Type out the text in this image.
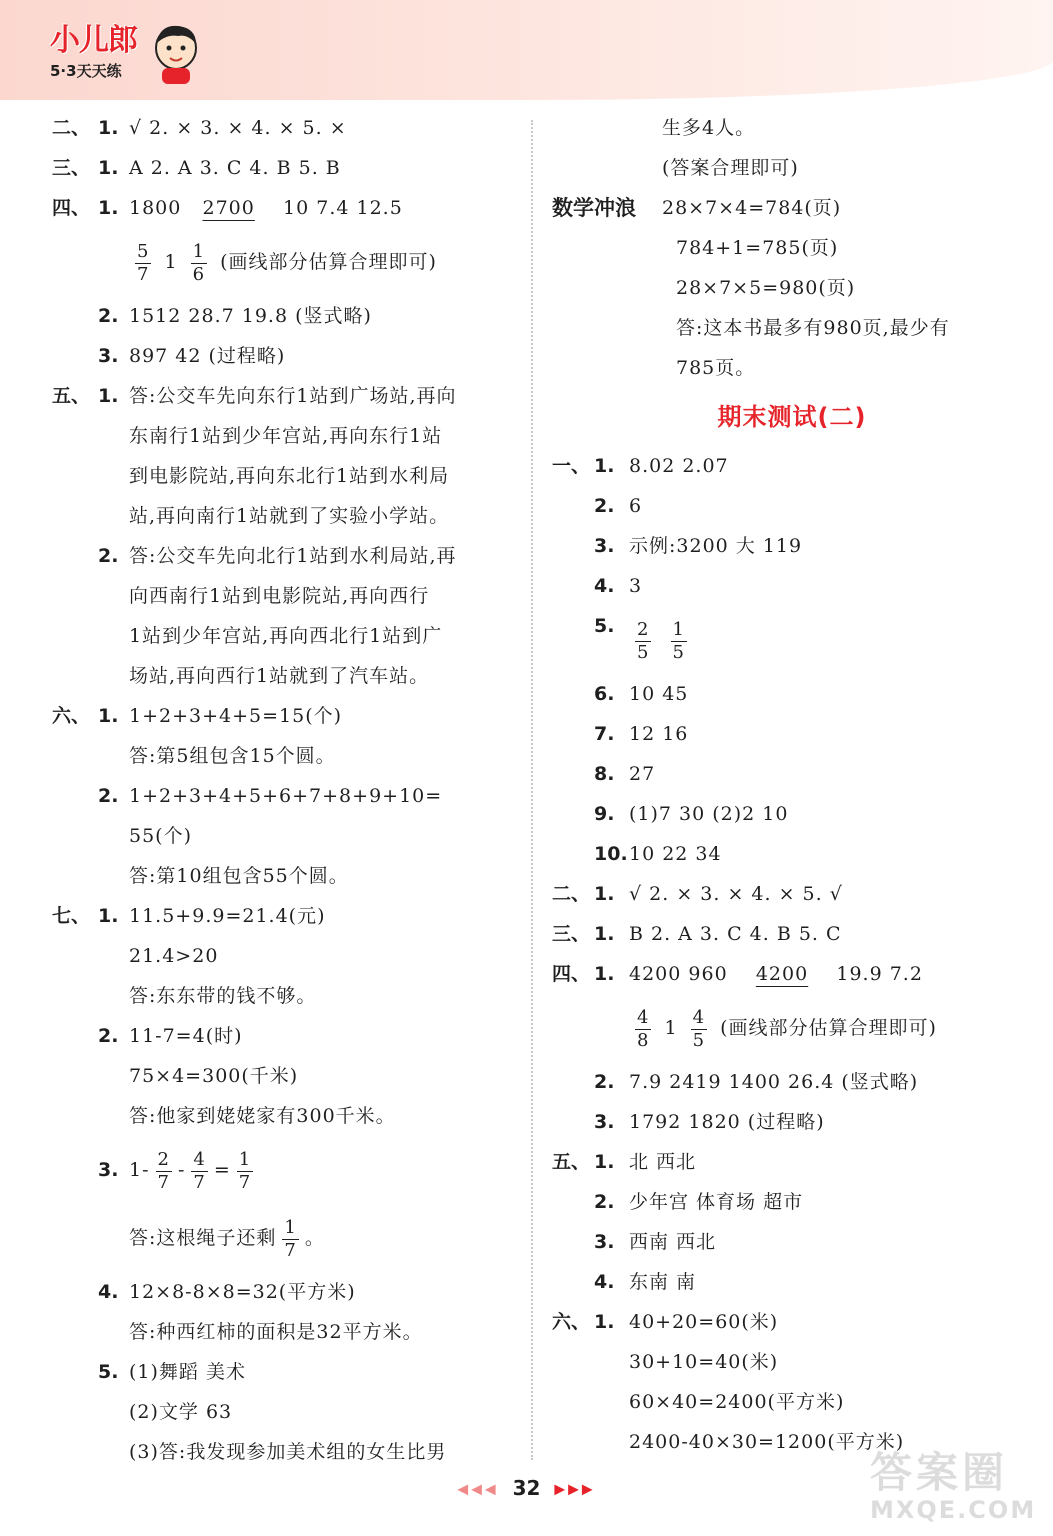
小儿郎
5·3天天练
二、 1. √ 2. × 3. × 4. × 5. ×
三、 1. A 2. A 3. C 4. B 5. B
四、 1. 1800 2700 10 7.4 12.5
$\frac{5}{7} 1 \frac{1}{6}$ (画线部分估算合理即可)
2. 1512 28.7 19.8 (竖式略)
3. 897 42 (过程略)
五、 1. 答:公交车先向东行1站到广场站,再向
东南行1站到少年宫站,再向东行1站
到电影院站,再向东北行1站到水利局
站,再向南行1站就到了实验小学站。
2. 答:公交车先向北行1站到水利局站,再
向西南行1站到电影院站,再向西行
1站到少年宫站,再向西北行1站到广
场站,再向西行1站就到了汽车站。
六、 1. 1+2+3+4+5=15(个)
答:第5组包含15个圆。
2. 1+2+3+4+5+6+7+8+9+10=
55(个)
答:第10组包含55个圆。
七、 1. 11.5+9.9=21.4(元)
21.4>20
答:东东带的钱不够。
2. 11-7=4(时)
75×4=300(千米)
答:他家到姥姥家有300千米。
3. $1- \frac{2}{7} - \frac{4}{7} = \frac{1}{7}$
答:这根绳子还剩 $\frac{1}{7}$ 。
4. 12×8-8×8=32(平方米)
答:种西红柿的面积是32平方米。
5. (1)舞蹈 美术
(2)文学 63
(3)答:我发现参加美术组的女生比男
生多4人。
(答案合理即可)
数学冲浪 28×7×4=784(页)
784+1=785(页)
28×7×5=980(页)
答:这本书最多有980页,最少有
785页。
期末测试(二)
一、 1. 8.02 2.07
2. 6
3. 示例:3200 大 119
4. 3
5. $\frac{2}{5}$
$\frac{1}{5}$
6. 10 45
7. 12 16
8. 27
9. (1)7 30 (2)2 10
10. 10 22 34
二、 1. √ 2. × 3. × 4. × 5. √
三、 1. B 2. A 3. C 4. B 5. C
四、 1. 4200 960 4200 19.9 7.2
$\frac{4}{8} 1 \frac{4}{5}$ (画线部分估算合理即可)
2. 7.9 2419 1400 26.4 (竖式略)
3. 1792 1820 (过程略)
五、 1. 北 西北
2. 少年宫 体育场 超市
3. 西南 西北
4. 东南 南
六、 1. 40+20=60(米)
30+10=40(米)
60×40=2400(平方米)
2400-40×30=1200(平方米)
◀◀◀ 32 ▶▶▶	答案圈
MXQE.COM
